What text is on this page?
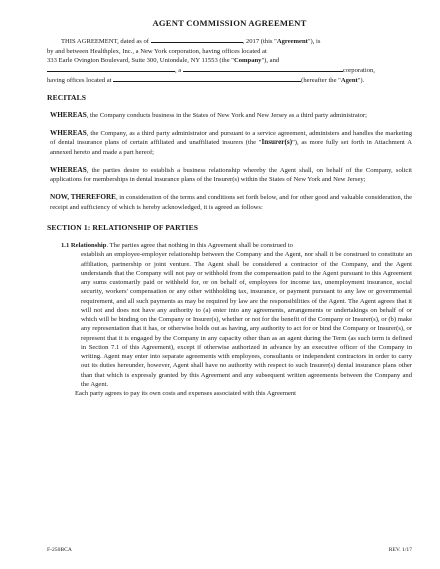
AGENT COMMISSION AGREEMENT
THIS AGREEMENT, dated as of	, 2017 (this "Agreement"), is
by and between Healthplex, Inc., a New York corporation, having offices located at
333 Earle Ovington Boulevard, Suite 300, Uniondale, NY 11553 (the "Company"), and
, a	corporation,
having offices located at	(hereafter the "Agent").
RECITALS
WHEREAS, the Company conducts business in the States of New York and New Jersey as a third party administrator;
WHEREAS, the Company, as a third party administrator and pursuant to a service agreement, administers and handles the marketing of dental insurance plans of certain affiliated and unaffiliated insurers (the "Insurer(s)"), as more fully set forth in Attachment A annexed hereto and made a part hereof;
WHEREAS, the parties desire to establish a business relationship whereby the Agent shall, on behalf of the Company, solicit applications for memberships in dental insurance plans of the Insurer(s) within the States of New York and New Jersey;
NOW, THEREFORE, in consideration of the terms and conditions set forth below, and for other good and valuable consideration, the receipt and sufficiency of which is hereby acknowledged, it is agreed as follows:
SECTION 1: RELATIONSHIP OF PARTIES
1.1 Relationship. The parties agree that nothing in this Agreement shall be construed to
establish an employee-employer relationship between the Company and the Agent, nor shall it be construed to constitute an affiliation, partnership or joint venture. The Agent shall be considered a contractor of the Company, and the Agent understands that the Company will not pay or withhold from the compensation paid to the Agent pursuant to this Agreement any sums customarily paid or withheld for, or on behalf of, employees for income tax, unemployment insurance, social security, workers' compensation or any other withholding tax, insurance, or payment pursuant to any law or governmental requirement, and all such payments as may be required by law are the responsibilities of the Agent. The Agent agrees that it will not and does not have any authority to (a) enter into any agreements, arrangements or undertakings on behalf of or which will be binding on the Company or Insurer(s), whether or not for the benefit of the Company or Insurer(s), or (b) make any representation that it has, or otherwise holds out as having, any authority to act for or bind the Company or Insurer(s), or represent that it is engaged by the Company in any capacity other than as an agent during the Term (as such term is defined in Section 7.1 of this Agreement), except if otherwise authorized in advance by an executive officer of the Company in writing. Agent may enter into separate agreements with employees, consultants or independent contractors in order to carry out its duties hereunder, however, Agent shall have no authority with respect to such Insurer(s) dental insurance plans other than that which is expressly granted by this Agreement and any subsequent written agreements between the Company and the Agent.
Each party agrees to pay its own costs and expenses associated with this Agreement
F-250BCA	REV. 1/17
